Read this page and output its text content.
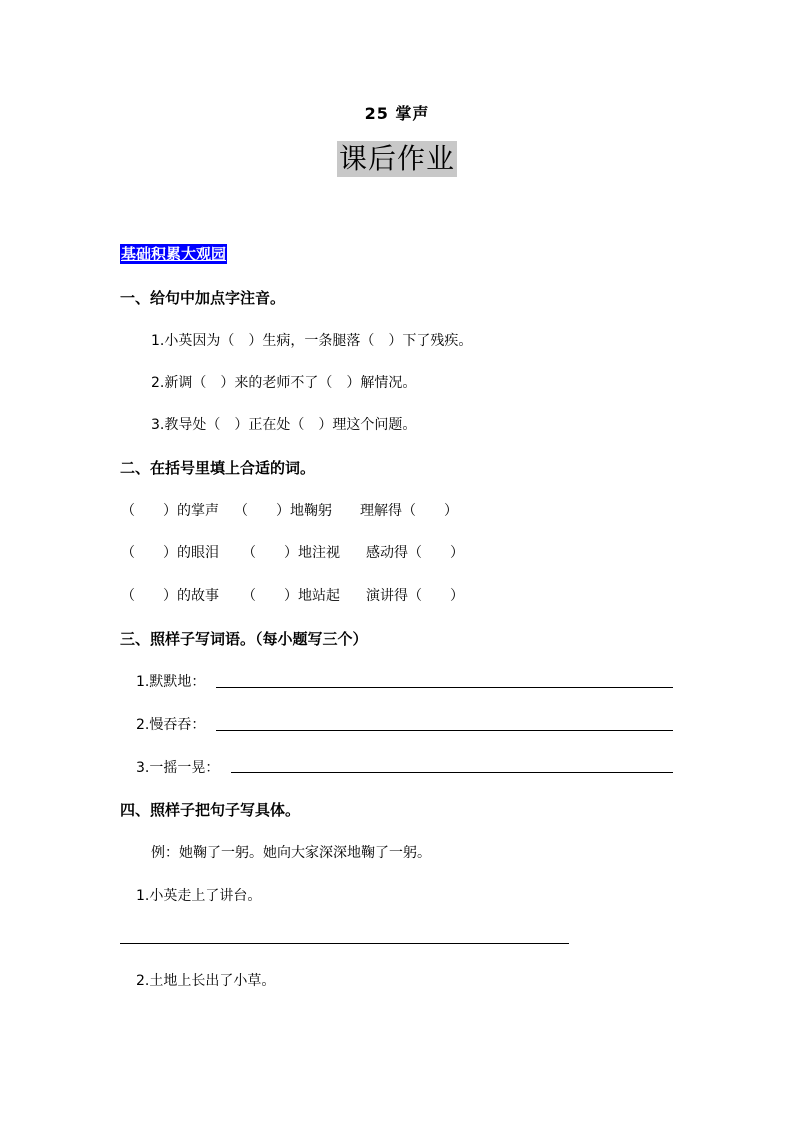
25 掌声
课后作业
基础积累大观园
一、给句中加点字注音。
1.小英因为（　）生病，一条腿落（　）下了残疾。
2.新调（　）来的老师不了（　）解情况。
3.教导处（　）正在处（　）理这个问题。
二、在括号里填上合适的词。
（　　）的掌声 （　　）地鞠躬 理解得（　　）
（　　）的眼泪 （　　）地注视 感动得（　　）
（　　）的故事 （　　）地站起 演讲得（　　）
三、照样子写词语。（每小题写三个）
1.默默地：
2.慢吞吞：
3.一摇一晃：
四、照样子把句子写具体。
例：她鞠了一躬。她向大家深深地鞠了一躬。
1.小英走上了讲台。
2.土地上长出了小草。
